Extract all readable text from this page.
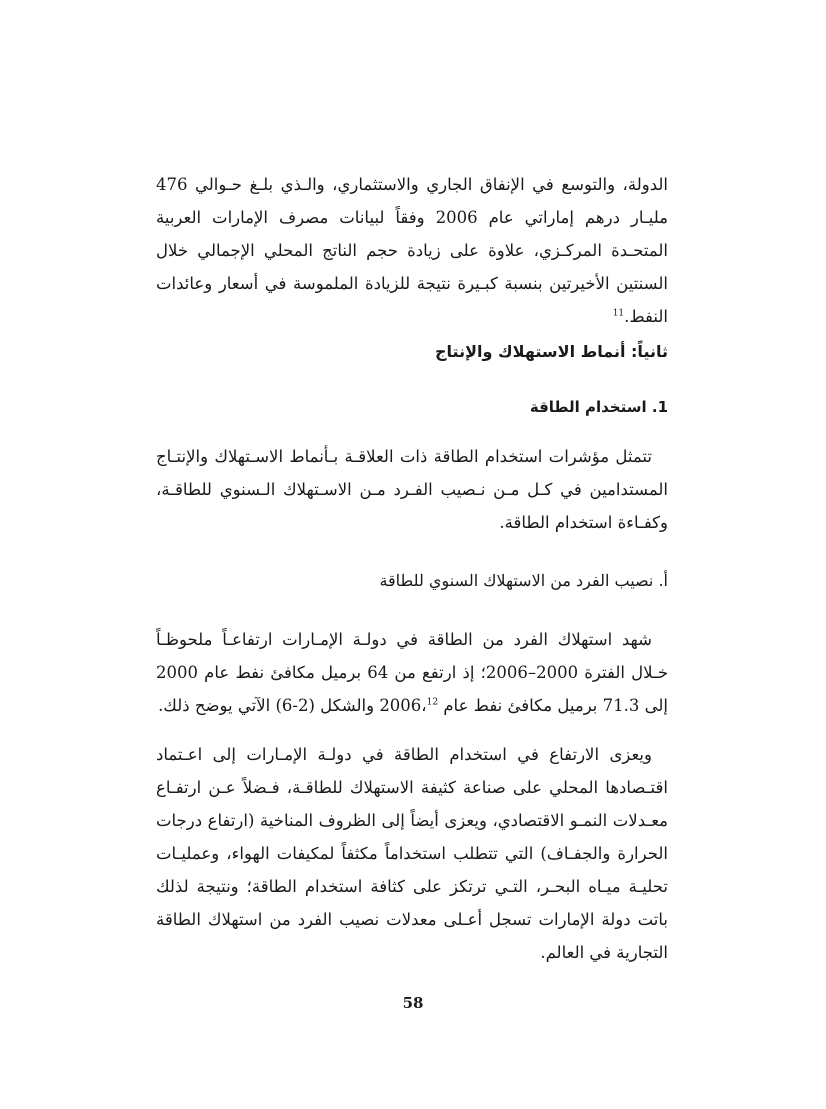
الدولة، والتوسع في الإنفاق الجاري والاستثماري، والـذي بلـغ حـوالي 476 مليـار درهم إماراتي عام 2006 وفقاً لبيانات مصرف الإمارات العربية المتحـدة المركـزي، علاوة على زيادة حجم الناتج المحلي الإجمالي خلال السنتين الأخيرتين بنسبة كبـيرة نتيجة للزيادة الملموسة في أسعار وعائدات النفط.$^{11}$

ثانياً: أنماط الاستهلاك والإنتاج

1. استخدام الطاقة

تتمثل مؤشرات استخدام الطاقة ذات العلاقـة بـأنماط الاسـتهلاك والإنتـاج المستدامين في كـل مـن نـصيب الفـرد مـن الاسـتهلاك الـسنوي للطاقـة، وكفـاءة استخدام الطاقة.

أ. نصيب الفرد من الاستهلاك السنوي للطاقة

شهد استهلاك الفرد من الطاقة في دولـة الإمـارات ارتفاعـاً ملحوظـاً خـلال الفترة 2000–2006؛ إذ ارتفع من 64 برميل مكافئ نفط عام 2000 إلى 71.3 برميل مكافئ نفط عام 2006،$^{12}$ والشكل (2-6) الآتي يوضح ذلك.

ويعزى الارتفاع في استخدام الطاقة في دولـة الإمـارات إلى اعـتماد اقتـصادها المحلي على صناعة كثيفة الاستهلاك للطاقـة، فـضلاً عـن ارتفـاع معـدلات النمـو الاقتصادي، ويعزى أيضاً إلى الظروف المناخية (ارتفاع درجات الحرارة والجفـاف) التي تتطلب استخداماً مكثفاً لمكيفات الهواء، وعمليـات تحليـة ميـاه البحـر، التـي ترتكز على كثافة استخدام الطاقة؛ ونتيجة لذلك باتت دولة الإمارات تسجل أعـلى معدلات نصيب الفرد من استهلاك الطاقة التجارية في العالم.

58
